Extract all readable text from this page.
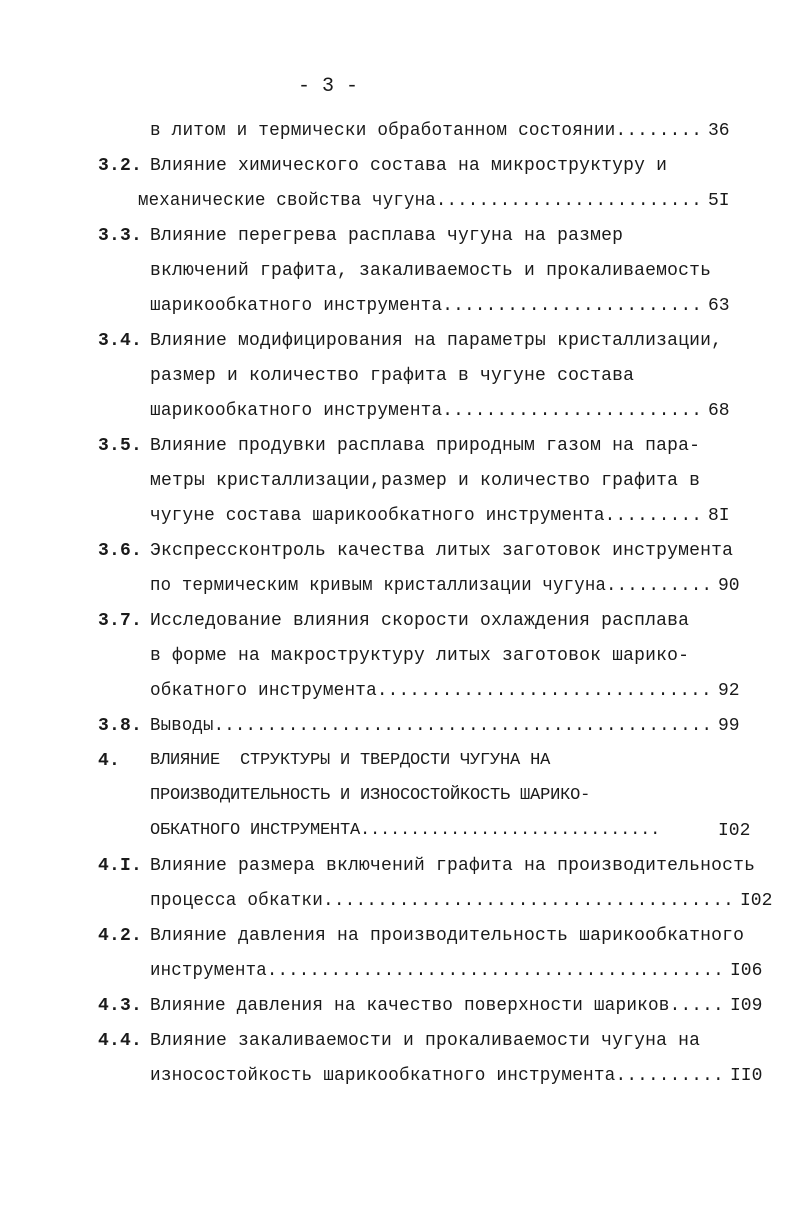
- 3 -
в литом и термически обработанном состоянии........ 36
3.2. Влияние химического состава на микроструктуру и
механические свойства чугуна......................... 5I
3.3. Влияние перегрева расплава чугуна на размер
включений графита, закаливаемость и прокаливаемость
шарикообкатного инструмента........................ 63
3.4. Влияние модифицирования на параметры кристаллизации,
размер и количество графита в чугуне состава
шарикообкатного инструмента........................ 68
3.5. Влияние продувки расплава природным газом на пара-
метры кристаллизации,размер и количество графита в
чугуне состава шарикообкатного инструмента......... 8I
3.6. Экспрессконтроль качества литых заготовок инструмента
по термическим кривым кристаллизации чугуна.......... 90
3.7. Исследование влияния скорости охлаждения расплава
в форме на макроструктуру литых заготовок шарико-
обкатного инструмента............................... 92
3.8. Выводы............................................... 99
4. ВЛИЯНИЕ  СТРУКТУРЫ И ТВЕРДОСТИ ЧУГУНА НА
ПРОИЗВОДИТЕЛЬНОСТЬ И ИЗНОСОСТОЙКОСТЬ ШАРИКО-
ОБКАТНОГО ИНСТРУМЕНТА..............................	I02
4.I. Влияние размера включений графита на производительность
процесса обкатки...................................... I02
4.2. Влияние давления на производительность шарикообкатного
инструмента........................................... I06
4.3. Влияние давления на качество поверхности шариков..... I09
4.4. Влияние закаливаемости и прокаливаемости чугуна на
износостойкость шарикообкатного инструмента.......... II0
